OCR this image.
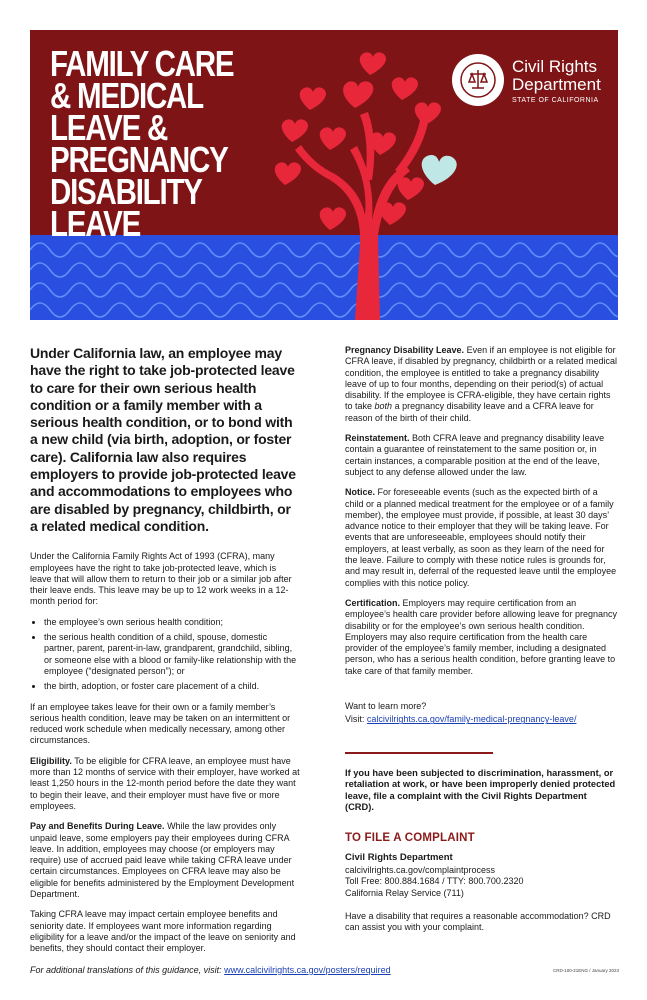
FAMILY CARE & MEDICAL LEAVE & PREGNANCY DISABILITY LEAVE
Civil Rights Department
STATE OF CALIFORNIA

Under California law, an employee may have the right to take job-protected leave to care for their own serious health condition or a family member with a serious health condition, or to bond with a new child (via birth, adoption, or foster care). California law also requires employers to provide job-protected leave and accommodations to employees who are disabled by pregnancy, childbirth, or a related medical condition.

Under the California Family Rights Act of 1993 (CFRA), many employees have the right to take job-protected leave, which is leave that will allow them to return to their job or a similar job after their leave ends. This leave may be up to 12 work weeks in a 12-month period for:

• the employee’s own serious health condition;
• the serious health condition of a child, spouse, domestic partner, parent, parent-in-law, grandparent, grandchild, sibling, or someone else with a blood or family-like relationship with the employee (“designated person”); or
• the birth, adoption, or foster care placement of a child.

If an employee takes leave for their own or a family member’s serious health condition, leave may be taken on an intermittent or reduced work schedule when medically necessary, among other circumstances.

Eligibility. To be eligible for CFRA leave, an employee must have more than 12 months of service with their employer, have worked at least 1,250 hours in the 12-month period before the date they want to begin their leave, and their employer must have five or more employees.

Pay and Benefits During Leave. While the law provides only unpaid leave, some employers pay their employees during CFRA leave. In addition, employees may choose (or employers may require) use of accrued paid leave while taking CFRA leave under certain circumstances. Employees on CFRA leave may also be eligible for benefits administered by the Employment Development Department.

Taking CFRA leave may impact certain employee benefits and seniority date. If employees want more information regarding eligibility for a leave and/or the impact of the leave on seniority and benefits, they should contact their employer.

Pregnancy Disability Leave. Even if an employee is not eligible for CFRA leave, if disabled by pregnancy, childbirth or a related medical condition, the employee is entitled to take a pregnancy disability leave of up to four months, depending on their period(s) of actual disability. If the employee is CFRA-eligible, they have certain rights to take both a pregnancy disability leave and a CFRA leave for reason of the birth of their child.

Reinstatement. Both CFRA leave and pregnancy disability leave contain a guarantee of reinstatement to the same position or, in certain instances, a comparable position at the end of the leave, subject to any defense allowed under the law.

Notice. For foreseeable events (such as the expected birth of a child or a planned medical treatment for the employee or of a family member), the employee must provide, if possible, at least 30 days’ advance notice to their employer that they will be taking leave. For events that are unforeseeable, employees should notify their employers, at least verbally, as soon as they learn of the need for the leave. Failure to comply with these notice rules is grounds for, and may result in, deferral of the requested leave until the employee complies with this notice policy.

Certification. Employers may require certification from an employee’s health care provider before allowing leave for pregnancy disability or for the employee’s own serious health condition. Employers may also require certification from the health care provider of the employee’s family member, including a designated person, who has a serious health condition, before granting leave to take care of that family member.

Want to learn more?

Visit: calcivilrights.ca.gov/family-medical-pregnancy-leave/

If you have been subjected to discrimination, harassment, or retaliation at work, or have been improperly denied protected leave, file a complaint with the Civil Rights Department (CRD).

TO FILE A COMPLAINT
Civil Rights Department
calcivilrights.ca.gov/complaintprocess
Toll Free: 800.884.1684 / TTY: 800.700.2320
California Relay Service (711)

Have a disability that requires a reasonable accommodation? CRD can assist you with your complaint.

For additional translations of this guidance, visit: www.calcivilrights.ca.gov/posters/required	CRD-100-21ENG / January 2023
